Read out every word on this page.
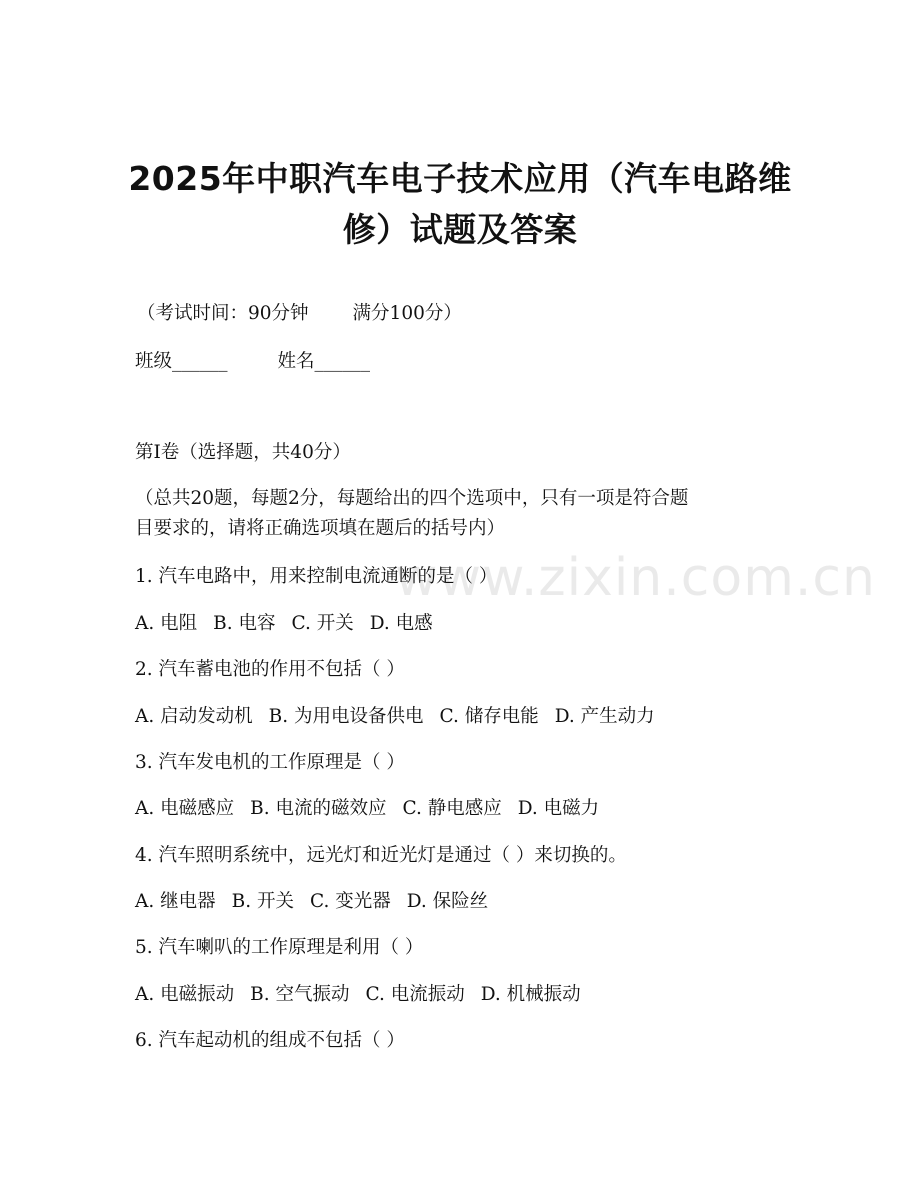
www.zixin.com.cn
2025年中职汽车电子技术应用（汽车电路维
修）试题及答案
（考试时间：90分钟 满分100分）
班级______	姓名______
第Ⅰ卷（选择题，共40分）
（总共20题，每题2分，每题给出的四个选项中，只有一项是符合题
目要求的，请将正确选项填在题后的括号内）
1. 汽车电路中，用来控制电流通断的是（ ）
A. 电阻 B. 电容 C. 开关 D. 电感
2. 汽车蓄电池的作用不包括（ ）
A. 启动发动机 B. 为用电设备供电 C. 储存电能 D. 产生动力
3. 汽车发电机的工作原理是（ ）
A. 电磁感应 B. 电流的磁效应 C. 静电感应 D. 电磁力
4. 汽车照明系统中，远光灯和近光灯是通过（ ）来切换的。
A. 继电器 B. 开关 C. 变光器 D. 保险丝
5. 汽车喇叭的工作原理是利用（ ）
A. 电磁振动 B. 空气振动 C. 电流振动 D. 机械振动
6. 汽车起动机的组成不包括（ ）
